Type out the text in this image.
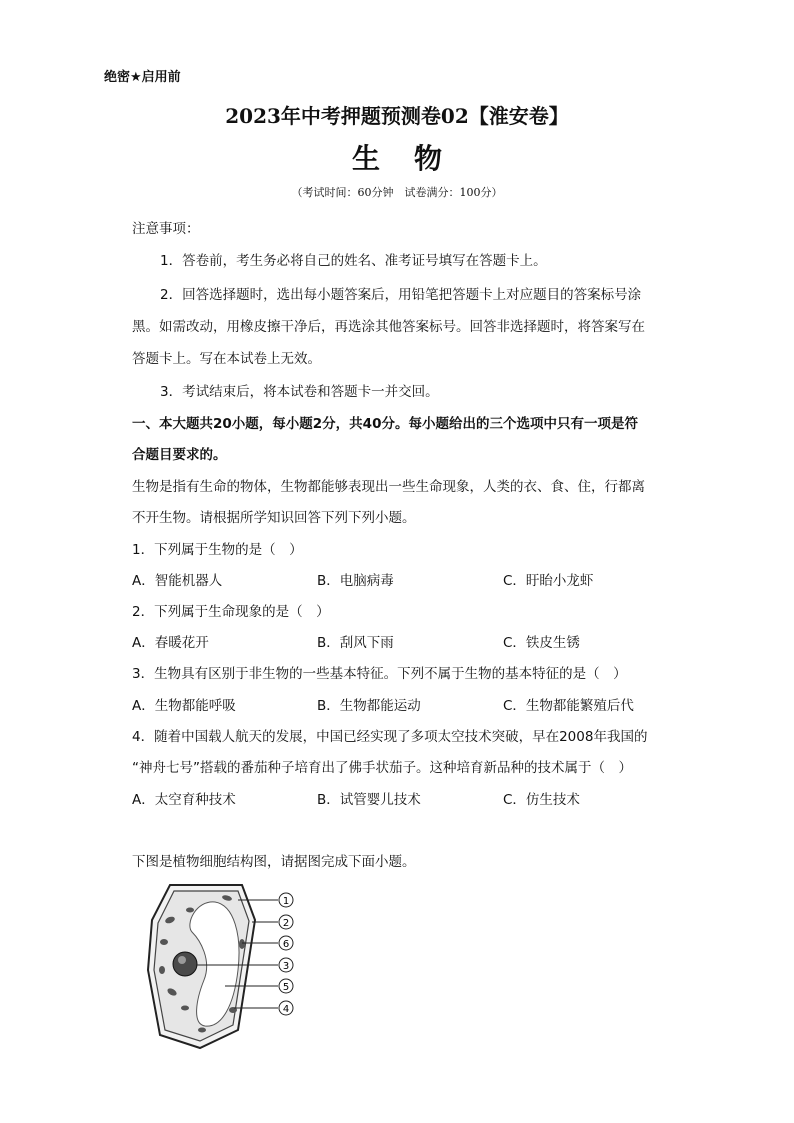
绝密★启用前
2023年中考押题预测卷02【淮安卷】
生物
（考试时间：60分钟　试卷满分：100分）
注意事项：
1．答卷前，考生务必将自己的姓名、准考证号填写在答题卡上。
2．回答选择题时，选出每小题答案后，用铅笔把答题卡上对应题目的答案标号涂
黑。如需改动，用橡皮擦干净后，再选涂其他答案标号。回答非选择题时，将答案写在
答题卡上。写在本试卷上无效。
3．考试结束后，将本试卷和答题卡一并交回。
一、本大题共20小题，每小题2分，共40分。每小题给出的三个选项中只有一项是符
合题目要求的。
生物是指有生命的物体，生物都能够表现出一些生命现象，人类的衣、食、住，行都离
不开生物。请根据所学知识回答下列下列小题。
1．下列属于生物的是（　）
A．智能机器人	B．电脑病毒	C．盱眙小龙虾
2．下列属于生命现象的是（　）
A．春暖花开	B．刮风下雨	C．铁皮生锈
3．生物具有区别于非生物的一些基本特征。下列不属于生物的基本特征的是（　）
A．生物都能呼吸	B．生物都能运动	C．生物都能繁殖后代
4．随着中国载人航天的发展，中国已经实现了多项太空技术突破，早在2008年我国的
“神舟七号”搭载的番茄种子培育出了佛手状茄子。这种培育新品种的技术属于（　）
A．太空育种技术	B．试管婴儿技术	C．仿生技术
下图是植物细胞结构图，请据图完成下面小题。
1
2
6
3
5
4
